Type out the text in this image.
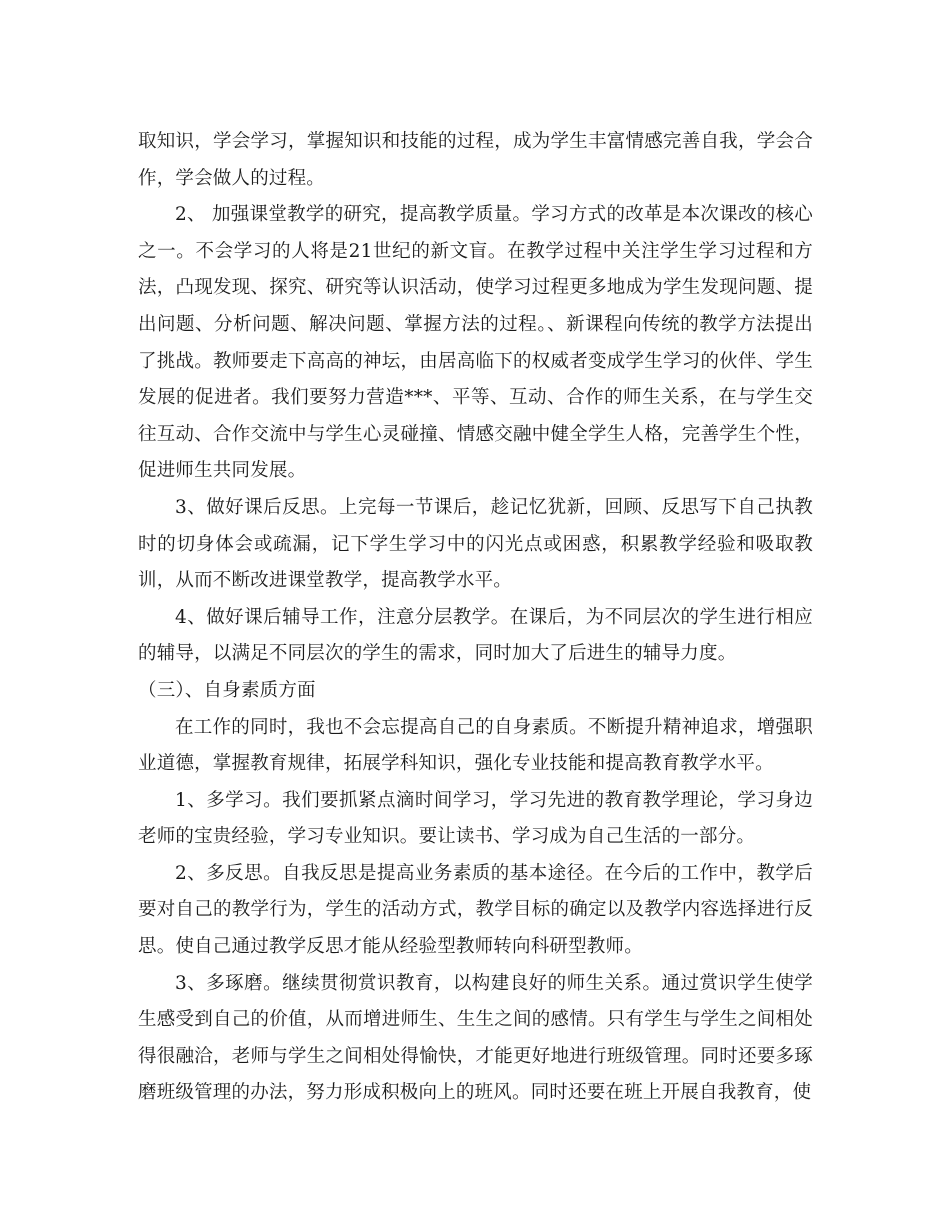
取知识，学会学习，掌握知识和技能的过程，成为学生丰富情感完善自我，学会合作，学会做人的过程。

2、 加强课堂教学的研究，提高教学质量。学习方式的改革是本次课改的核心之一。不会学习的人将是21世纪的新文盲。在教学过程中关注学生学习过程和方法，凸现发现、探究、研究等认识活动，使学习过程更多地成为学生发现问题、提出问题、分析问题、解决问题、掌握方法的过程。、新课程向传统的教学方法提出了挑战。教师要走下高高的神坛，由居高临下的权威者变成学生学习的伙伴、学生发展的促进者。我们要努力营造***、平等、互动、合作的师生关系，在与学生交往互动、合作交流中与学生心灵碰撞、情感交融中健全学生人格，完善学生个性，促进师生共同发展。

3、做好课后反思。上完每一节课后，趁记忆犹新，回顾、反思写下自己执教时的切身体会或疏漏，记下学生学习中的闪光点或困惑，积累教学经验和吸取教训，从而不断改进课堂教学，提高教学水平。

4、做好课后辅导工作，注意分层教学。在课后，为不同层次的学生进行相应的辅导，以满足不同层次的学生的需求，同时加大了后进生的辅导力度。

（三）、自身素质方面

在工作的同时，我也不会忘提高自己的自身素质。不断提升精神追求，增强职业道德，掌握教育规律，拓展学科知识，强化专业技能和提高教育教学水平。

1、多学习。我们要抓紧点滴时间学习，学习先进的教育教学理论，学习身边老师的宝贵经验，学习专业知识。要让读书、学习成为自己生活的一部分。

2、多反思。自我反思是提高业务素质的基本途径。在今后的工作中，教学后要对自己的教学行为，学生的活动方式，教学目标的确定以及教学内容选择进行反思。使自己通过教学反思才能从经验型教师转向科研型教师。

3、多琢磨。继续贯彻赏识教育，以构建良好的师生关系。通过赏识学生使学生感受到自己的价值，从而增进师生、生生之间的感情。只有学生与学生之间相处得很融洽，老师与学生之间相处得愉快，才能更好地进行班级管理。同时还要多琢磨班级管理的办法，努力形成积极向上的班风。同时还要在班上开展自我教育，使
